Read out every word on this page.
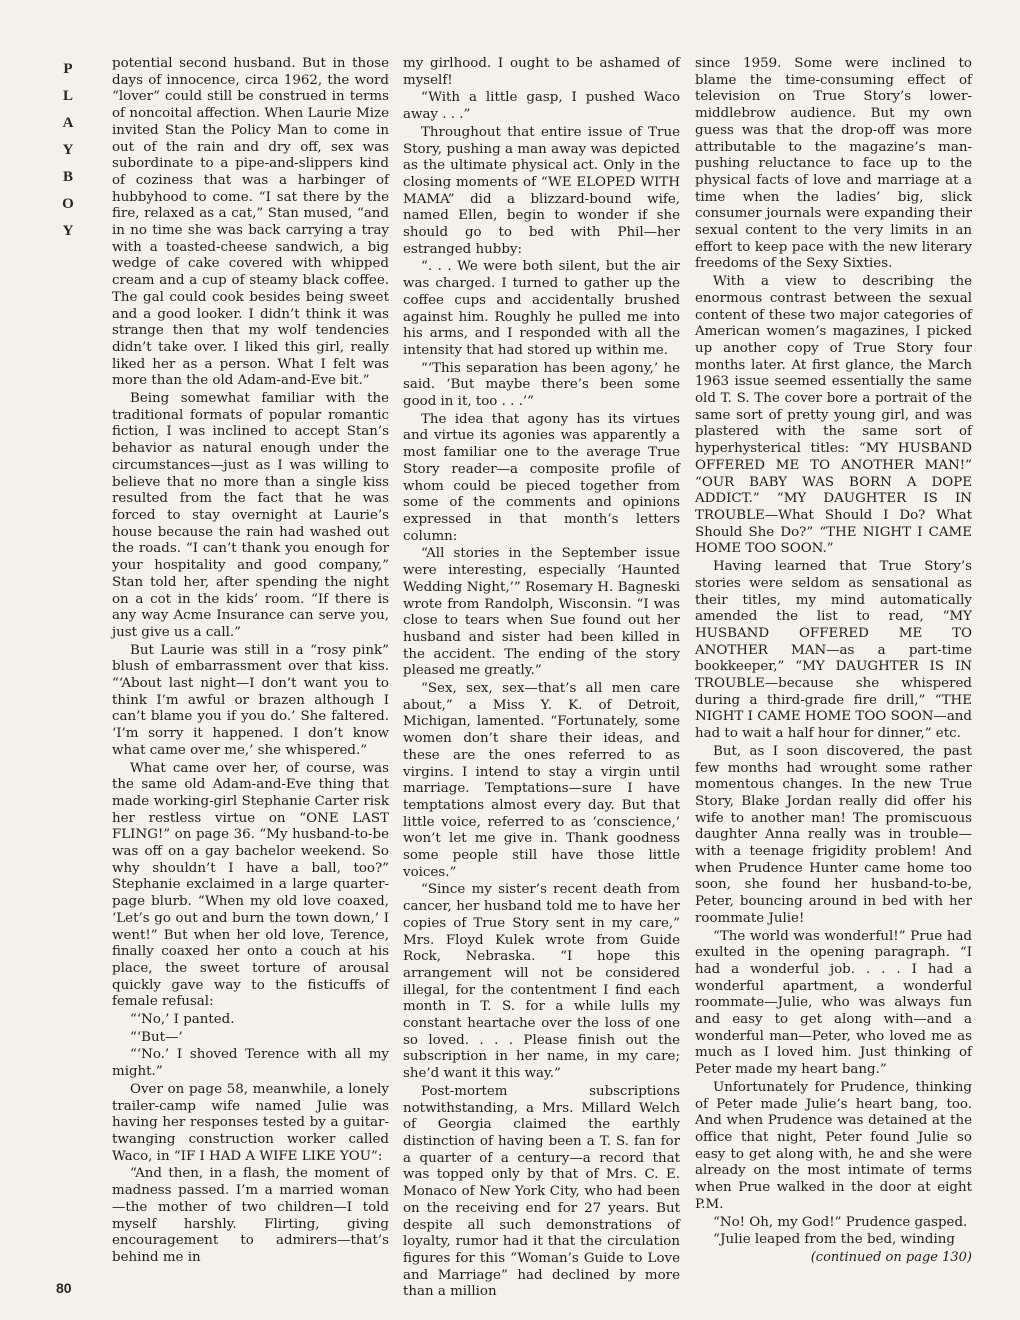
P
L
A
Y
B
O
Y

potential second husband. But in those days of innocence, circa 1962, the word “lover” could still be construed in terms of noncoital affection. When Laurie Mize invited Stan the Policy Man to come in out of the rain and dry off, sex was subordinate to a pipe-and-slippers kind of coziness that was a harbinger of hubbyhood to come. “I sat there by the fire, relaxed as a cat,” Stan mused, “and in no time she was back carrying a tray with a toasted-cheese sandwich, a big wedge of cake covered with whipped cream and a cup of steamy black coffee. The gal could cook besides being sweet and a good looker. I didn’t think it was strange then that my wolf tendencies didn’t take over. I liked this girl, really liked her as a person. What I felt was more than the old Adam-and-Eve bit.”

Being somewhat familiar with the traditional formats of popular romantic fiction, I was inclined to accept Stan’s behavior as natural enough under the circumstances—just as I was willing to believe that no more than a single kiss resulted from the fact that he was forced to stay overnight at Laurie’s house because the rain had washed out the roads. “I can’t thank you enough for your hospitality and good company,” Stan told her, after spending the night on a cot in the kids’ room. “If there is any way Acme Insurance can serve you, just give us a call.”

But Laurie was still in a “rosy pink” blush of embarrassment over that kiss. “‘About last night—I don’t want you to think I’m awful or brazen although I can’t blame you if you do.’ She faltered. ‘I’m sorry it happened. I don’t know what came over me,’ she whispered.”

What came over her, of course, was the same old Adam-and-Eve thing that made working-girl Stephanie Carter risk her restless virtue on “ONE LAST FLING!” on page 36. “My husband-to-be was off on a gay bachelor weekend. So why shouldn’t I have a ball, too?” Stephanie exclaimed in a large quarter-page blurb. “When my old love coaxed, ‘Let’s go out and burn the town down,’ I went!” But when her old love, Terence, finally coaxed her onto a couch at his place, the sweet torture of arousal quickly gave way to the fisticuffs of female refusal:

“‘No,’ I panted.

“‘But—’

“‘No.’ I shoved Terence with all my might.”

Over on page 58, meanwhile, a lonely trailer-camp wife named Julie was having her responses tested by a guitar-twanging construction worker called Waco, in “IF I HAD A WIFE LIKE YOU”:

“And then, in a flash, the moment of madness passed. I’m a married woman—the mother of two children—I told myself harshly. Flirting, giving encouragement to admirers—that’s behind me in

my girlhood. I ought to be ashamed of myself!

“With a little gasp, I pushed Waco away . . .”

Throughout that entire issue of True Story, pushing a man away was depicted as the ultimate physical act. Only in the closing moments of “WE ELOPED WITH MAMA” did a blizzard-bound wife, named Ellen, begin to wonder if she should go to bed with Phil—her estranged hubby:

“. . . We were both silent, but the air was charged. I turned to gather up the coffee cups and accidentally brushed against him. Roughly he pulled me into his arms, and I responded with all the intensity that had stored up within me.

“‘This separation has been agony,’ he said. ‘But maybe there’s been some good in it, too . . .’”

The idea that agony has its virtues and virtue its agonies was apparently a most familiar one to the average True Story reader—a composite profile of whom could be pieced together from some of the comments and opinions expressed in that month’s letters column:

“All stories in the September issue were interesting, especially ‘Haunted Wedding Night,’” Rosemary H. Bagneski wrote from Randolph, Wisconsin. “I was close to tears when Sue found out her husband and sister had been killed in the accident. The ending of the story pleased me greatly.”

“Sex, sex, sex—that’s all men care about,” a Miss Y. K. of Detroit, Michigan, lamented. “Fortunately, some women don’t share their ideas, and these are the ones referred to as virgins. I intend to stay a virgin until marriage. Temptations—sure I have temptations almost every day. But that little voice, referred to as ‘conscience,’ won’t let me give in. Thank goodness some people still have those little voices.”

“Since my sister’s recent death from cancer, her husband told me to have her copies of True Story sent in my care,” Mrs. Floyd Kulek wrote from Guide Rock, Nebraska. “I hope this arrangement will not be considered illegal, for the contentment I find each month in T. S. for a while lulls my constant heartache over the loss of one so loved. . . . Please finish out the subscription in her name, in my care; she’d want it this way.”

Post-mortem subscriptions notwithstanding, a Mrs. Millard Welch of Georgia claimed the earthly distinction of having been a T. S. fan for a quarter of a century—a record that was topped only by that of Mrs. C. E. Monaco of New York City, who had been on the receiving end for 27 years. But despite all such demonstrations of loyalty, rumor had it that the circulation figures for this “Woman’s Guide to Love and Marriage” had declined by more than a million

since 1959. Some were inclined to blame the time-consuming effect of television on True Story’s lower-middlebrow audience. But my own guess was that the drop-off was more attributable to the magazine’s man-pushing reluctance to face up to the physical facts of love and marriage at a time when the ladies’ big, slick consumer journals were expanding their sexual content to the very limits in an effort to keep pace with the new literary freedoms of the Sexy Sixties.

With a view to describing the enormous contrast between the sexual content of these two major categories of American women’s magazines, I picked up another copy of True Story four months later. At first glance, the March 1963 issue seemed essentially the same old T. S. The cover bore a portrait of the same sort of pretty young girl, and was plastered with the same sort of hyperhysterical titles: “MY HUSBAND OFFERED ME TO ANOTHER MAN!” “OUR BABY WAS BORN A DOPE ADDICT.” “MY DAUGHTER IS IN TROUBLE—What Should I Do? What Should She Do?” “THE NIGHT I CAME HOME TOO SOON.”

Having learned that True Story’s stories were seldom as sensational as their titles, my mind automatically amended the list to read, “MY HUSBAND OFFERED ME TO ANOTHER MAN—as a part-time bookkeeper,” “MY DAUGHTER IS IN TROUBLE—because she whispered during a third-grade fire drill,” “THE NIGHT I CAME HOME TOO SOON—and had to wait a half hour for dinner,” etc.

But, as I soon discovered, the past few months had wrought some rather momentous changes. In the new True Story, Blake Jordan really did offer his wife to another man! The promiscuous daughter Anna really was in trouble—with a teenage frigidity problem! And when Prudence Hunter came home too soon, she found her husband-to-be, Peter, bouncing around in bed with her roommate Julie!

“The world was wonderful!” Prue had exulted in the opening paragraph. “I had a wonderful job. . . . I had a wonderful apartment, a wonderful roommate—Julie, who was always fun and easy to get along with—and a wonderful man—Peter, who loved me as much as I loved him. Just thinking of Peter made my heart bang.”

Unfortunately for Prudence, thinking of Peter made Julie’s heart bang, too. And when Prudence was detained at the office that night, Peter found Julie so easy to get along with, he and she were already on the most intimate of terms when Prue walked in the door at eight P.M.

“No! Oh, my God!” Prudence gasped.

“Julie leaped from the bed, winding

(continued on page 130)

80
